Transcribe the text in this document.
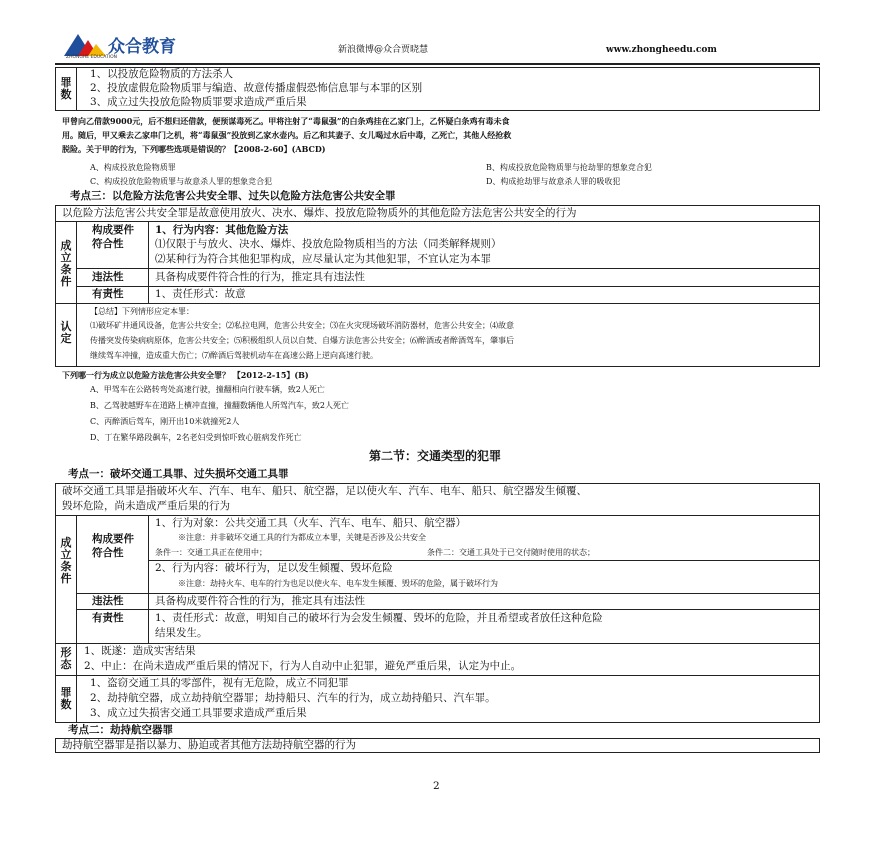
众合教育
ZHONGHE EDUCATION
新浪微博@众合贾晓慧	www.zhongheedu.com
罪数
1、以投放危险物质的方法杀人
2、投放虚假危险物质罪与编造、故意传播虚假恐怖信息罪与本罪的区别
3、成立过失投放危险物质罪要求造成严重后果
甲曾向乙借款9000元，后不想归还借款，便预谋毒死乙。甲将注射了“毒鼠强”的白条鸡挂在乙家门上，乙怀疑白条鸡有毒未食
用。随后，甲又乘去乙家串门之机，将“毒鼠强”投放到乙家水壶内。后乙和其妻子、女儿喝过水后中毒，乙死亡，其他人经抢救
脱险。关于甲的行为，下列哪些选项是错误的？【2008-2-60】(ABCD)
A、构成投放危险物质罪	B、构成投放危险物质罪与抢劫罪的想象竞合犯
C、构成投放危险物质罪与故意杀人罪的想象竞合犯	D、构成抢劫罪与故意杀人罪的吸收犯
考点三：以危险方法危害公共安全罪、过失以危险方法危害公共安全罪
以危险方法危害公共安全罪是故意使用放火、决水、爆炸、投放危险物质外的其他危险方法危害公共安全的行为
成立条件
构成要件符合性
1、行为内容：其他危险方法
⑴仅限于与放火、决水、爆炸、投放危险物质相当的方法（同类解释规则）
⑵某种行为符合其他犯罪构成，应尽量认定为其他犯罪，不宜认定为本罪
违法性	具备构成要件符合性的行为，推定具有违法性
有责性	1、责任形式：故意
认定
【总结】下列情形应定本罪：
⑴破坏矿井通风设备，危害公共安全；⑵私拉电网，危害公共安全；⑶在火灾现场破坏消防器材，危害公共安全；⑷故意
传播突发传染病病原体，危害公共安全；⑸积极组织人员以自焚、自爆方法危害公共安全；⑹醉酒或者醉酒驾车，肇事后
继续驾车冲撞，造成重大伤亡；⑺醉酒后驾驶机动车在高速公路上逆向高速行驶。
下列哪一行为成立以危险方法危害公共安全罪？ 【2012-2-15】(B)
A、甲驾车在公路转弯处高速行驶，撞翻相向行驶车辆，致2人死亡
B、乙驾驶越野车在道路上横冲直撞，撞翻数辆他人所驾汽车，致2人死亡
C、丙醉酒后驾车，刚开出10米就撞死2人
D、丁在繁华路段飙车，2名老妇受到惊吓致心脏病发作死亡
第二节：交通类型的犯罪
考点一：破坏交通工具罪、过失损坏交通工具罪
破坏交通工具罪是指破坏火车、汽车、电车、船只、航空器，足以使火车、汽车、电车、船只、航空器发生倾覆、
毁坏危险，尚未造成严重后果的行为
成立条件
构成要件符合性
1、行为对象：公共交通工具（火车、汽车、电车、船只、航空器）
※注意：并非破坏交通工具的行为都成立本罪，关键是否涉及公共安全
条件一：交通工具正在使用中；	条件二：交通工具处于已交付随时使用的状态；
2、行为内容：破坏行为，足以发生倾覆、毁坏危险
※注意：劫持火车、电车的行为也足以使火车、电车发生倾覆、毁坏的危险，属于破坏行为
违法性	具备构成要件符合性的行为，推定具有违法性
有责性	1、责任形式：故意，明知自己的破坏行为会发生倾覆、毁坏的危险，并且希望或者放任这种危险
结果发生。
形态
1、既遂：造成实害结果
2、中止：在尚未造成严重后果的情况下，行为人自动中止犯罪，避免严重后果，认定为中止。
罪数
1、盗窃交通工具的零部件，视有无危险，成立不同犯罪
2、劫持航空器，成立劫持航空器罪；劫持船只、汽车的行为，成立劫持船只、汽车罪。
3、成立过失损害交通工具罪要求造成严重后果
考点二：劫持航空器罪
劫持航空器罪是指以暴力、胁迫或者其他方法劫持航空器的行为
2
